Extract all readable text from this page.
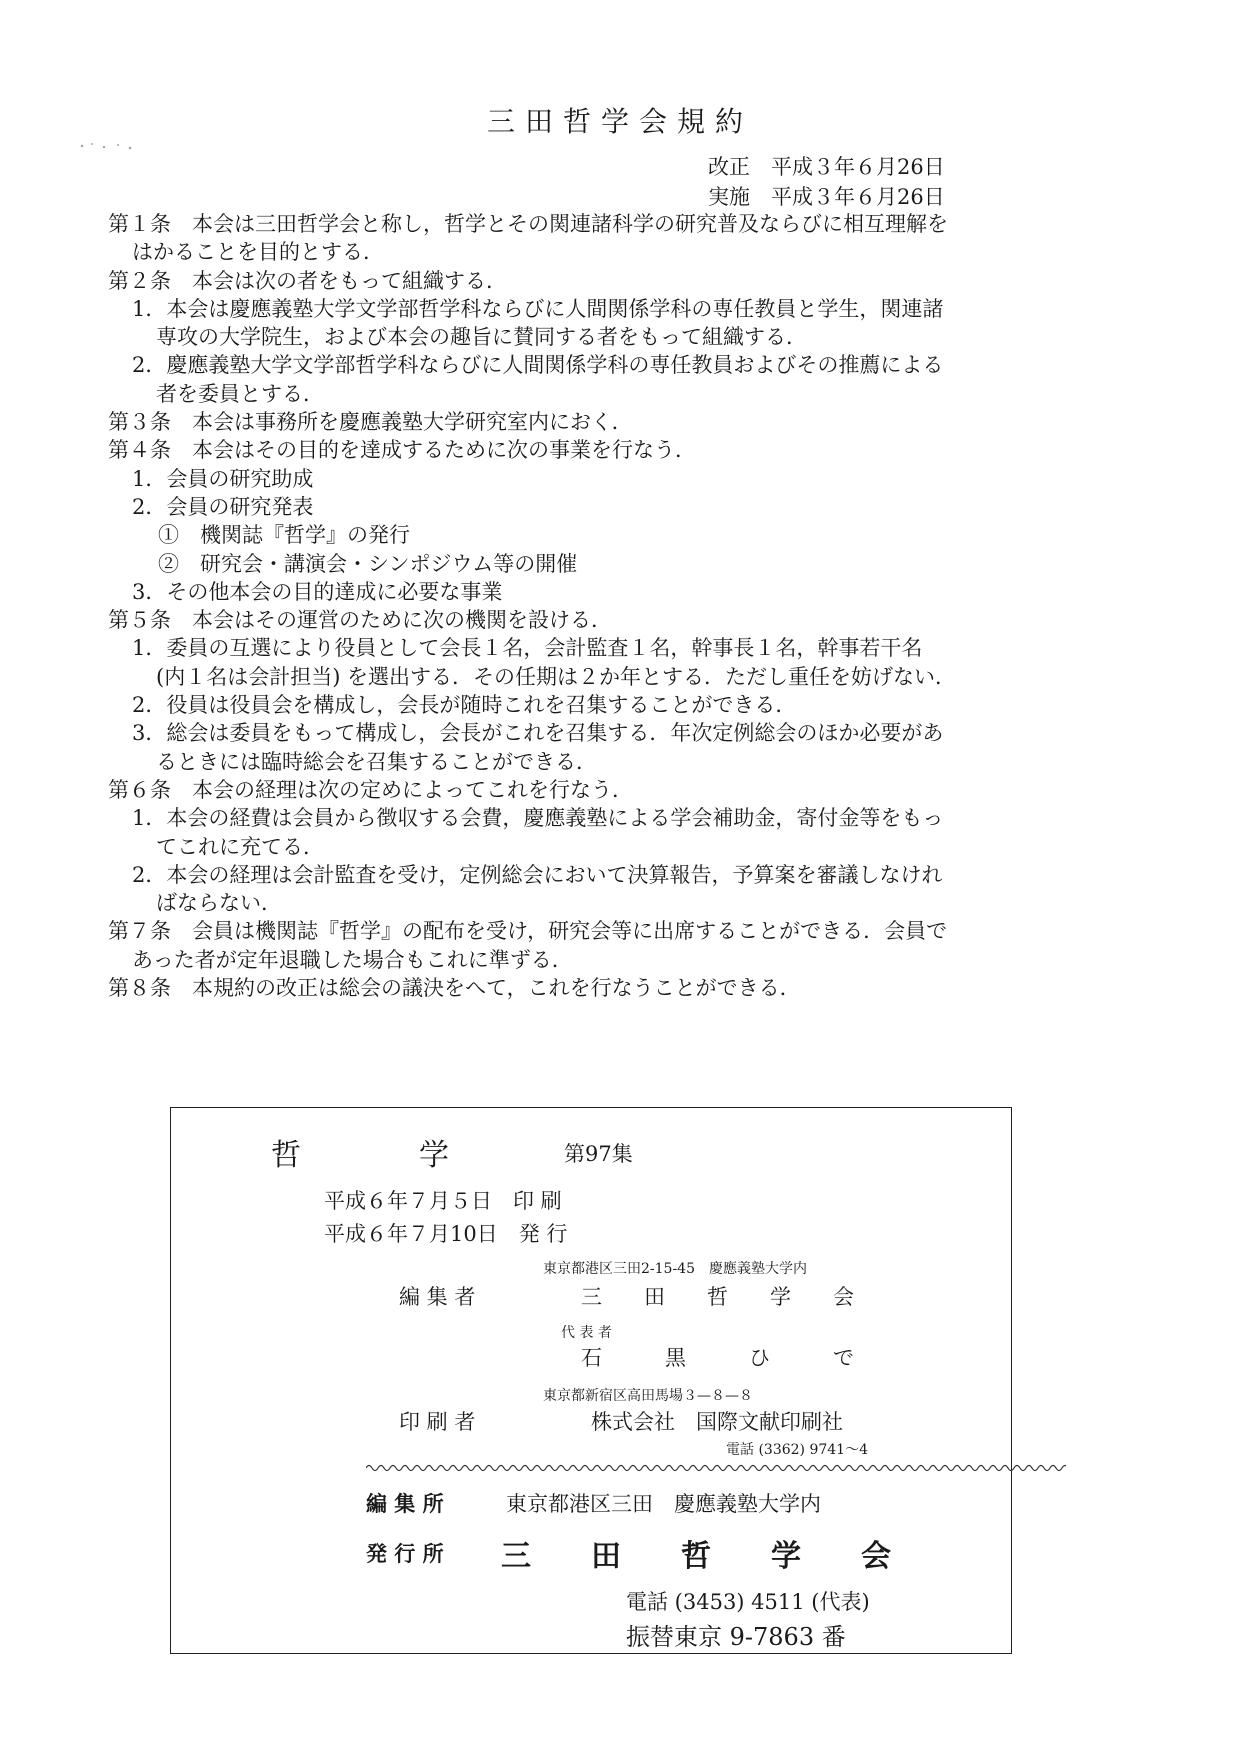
三田哲学会規約
改正　平成３年６月26日
実施　平成３年６月26日
第１条　本会は三田哲学会と称し，哲学とその関連諸科学の研究普及ならびに相互理解を
はかることを目的とする．
第２条　本会は次の者をもって組織する．
1．本会は慶應義塾大学文学部哲学科ならびに人間関係学科の専任教員と学生，関連諸
専攻の大学院生，および本会の趣旨に賛同する者をもって組織する．
2．慶應義塾大学文学部哲学科ならびに人間関係学科の専任教員およびその推薦による
者を委員とする．
第３条　本会は事務所を慶應義塾大学研究室内におく．
第４条　本会はその目的を達成するために次の事業を行なう．
1．会員の研究助成
2．会員の研究発表
①　機関誌『哲学』の発行
②　研究会・講演会・シンポジウム等の開催
3．その他本会の目的達成に必要な事業
第５条　本会はその運営のために次の機関を設ける．
1．委員の互選により役員として会長１名，会計監査１名，幹事長１名，幹事若干名
(内１名は会計担当) を選出する．その任期は２か年とする．ただし重任を妨げない．
2．役員は役員会を構成し，会長が随時これを召集することができる．
3．総会は委員をもって構成し，会長がこれを召集する．年次定例総会のほか必要があ
るときには臨時総会を召集することができる．
第６条　本会の経理は次の定めによってこれを行なう．
1．本会の経費は会員から徴収する会費，慶應義塾による学会補助金，寄付金等をもっ
てこれに充てる．
2．本会の経理は会計監査を受け，定例総会において決算報告，予算案を審議しなけれ
ばならない．
第７条　会員は機関誌『哲学』の配布を受け，研究会等に出席することができる．会員で
あった者が定年退職した場合もこれに準ずる．
第８条　本規約の改正は総会の議決をへて，これを行なうことができる．
哲	学	第97集
平成６年７月５日　印 刷
平成６年７月10日　発 行
東京都港区三田2-15-45　慶應義塾大学内
編 集 者	三　　田　　哲　　学　　会
代 表 者
石　　　黒　　　ひ　　　で
東京都新宿区高田馬場３—８—８
印 刷 者	株式会社　国際文献印刷社
電話 (3362) 9741～4
編 集 所	東京都港区三田　慶應義塾大学内
発 行 所 三　　田　　哲　　学　　会
電話 (3453) 4511 (代表)
振替東京 9-7863 番
